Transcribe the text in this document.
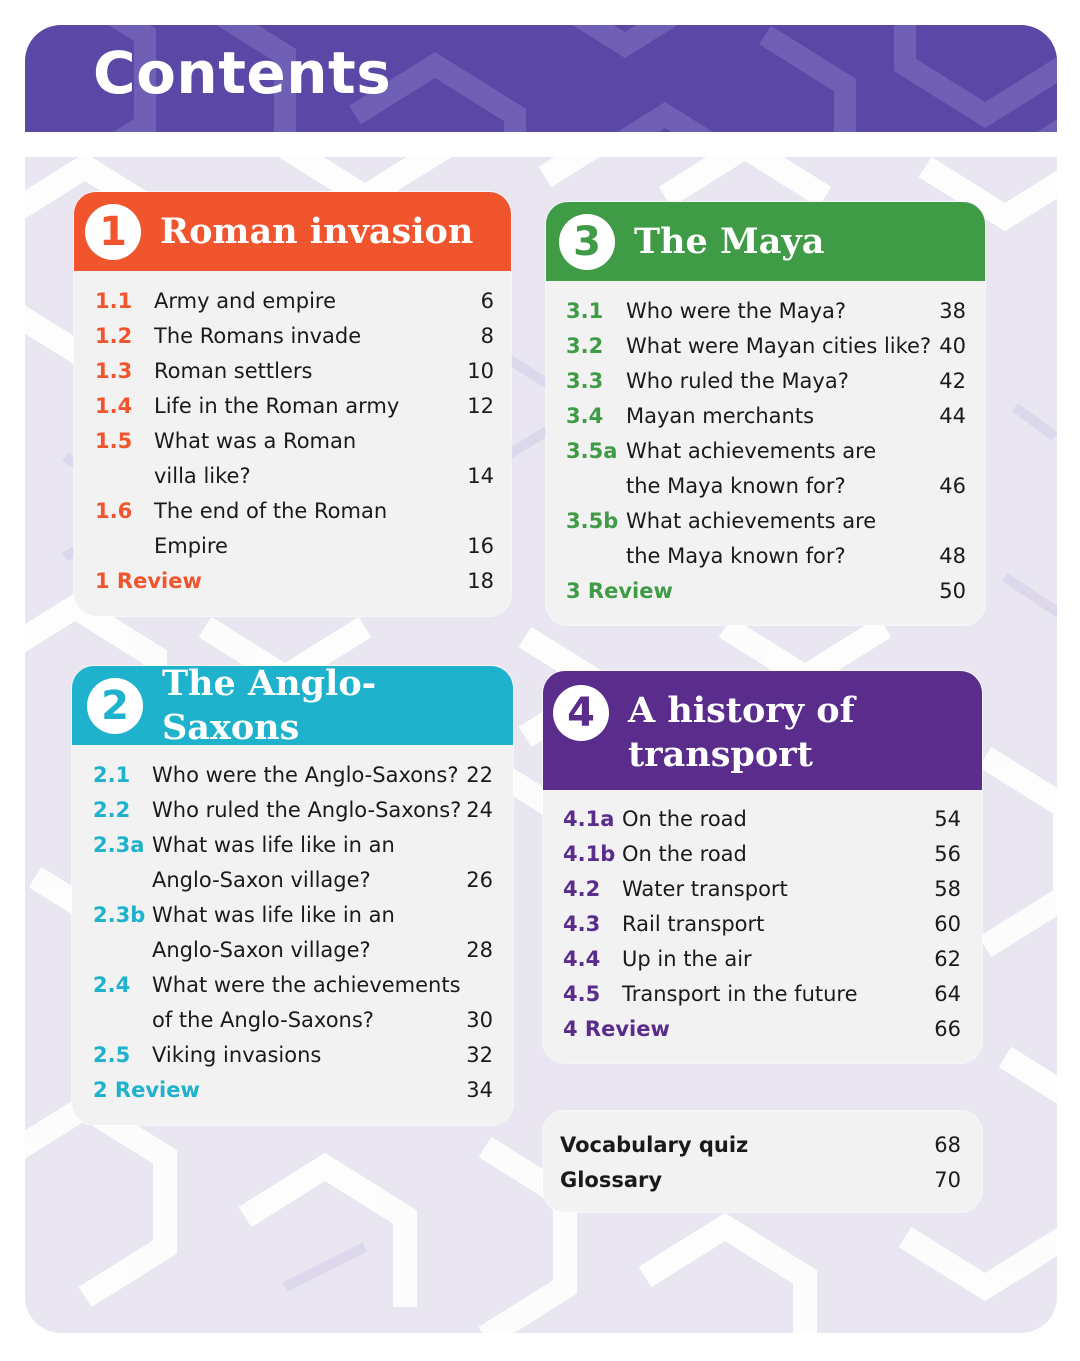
Contents
1 Roman invasion
1.1 Army and empire	6
1.2 The Romans invade	8
1.3 Roman settlers	10
1.4 Life in the Roman army	12
1.5 What was a Roman
villa like?	14
1.6 The end of the Roman
Empire	16
1 Review	18
3 The Maya
3.1 Who were the Maya?	38
3.2 What were Mayan cities like? 40
3.3 Who ruled the Maya?	42
3.4 Mayan merchants	44
3.5a What achievements are
the Maya known for?	46
3.5b What achievements are
the Maya known for?	48
3 Review	50
2 The Anglo-Saxons
2.1 Who were the Anglo-Saxons? 22
2.2 Who ruled the Anglo-Saxons? 24
2.3a What was life like in an
Anglo-Saxon village?	26
2.3b What was life like in an
Anglo-Saxon village?	28
2.4 What were the achievements
of the Anglo-Saxons?	30
2.5 Viking invasions	32
2 Review	34
4 A history of
transport
4.1a On the road	54
4.1b On the road	56
4.2 Water transport	58
4.3 Rail transport	60
4.4 Up in the air	62
4.5 Transport in the future	64
4 Review	66
Vocabulary quiz	68
Glossary	70
